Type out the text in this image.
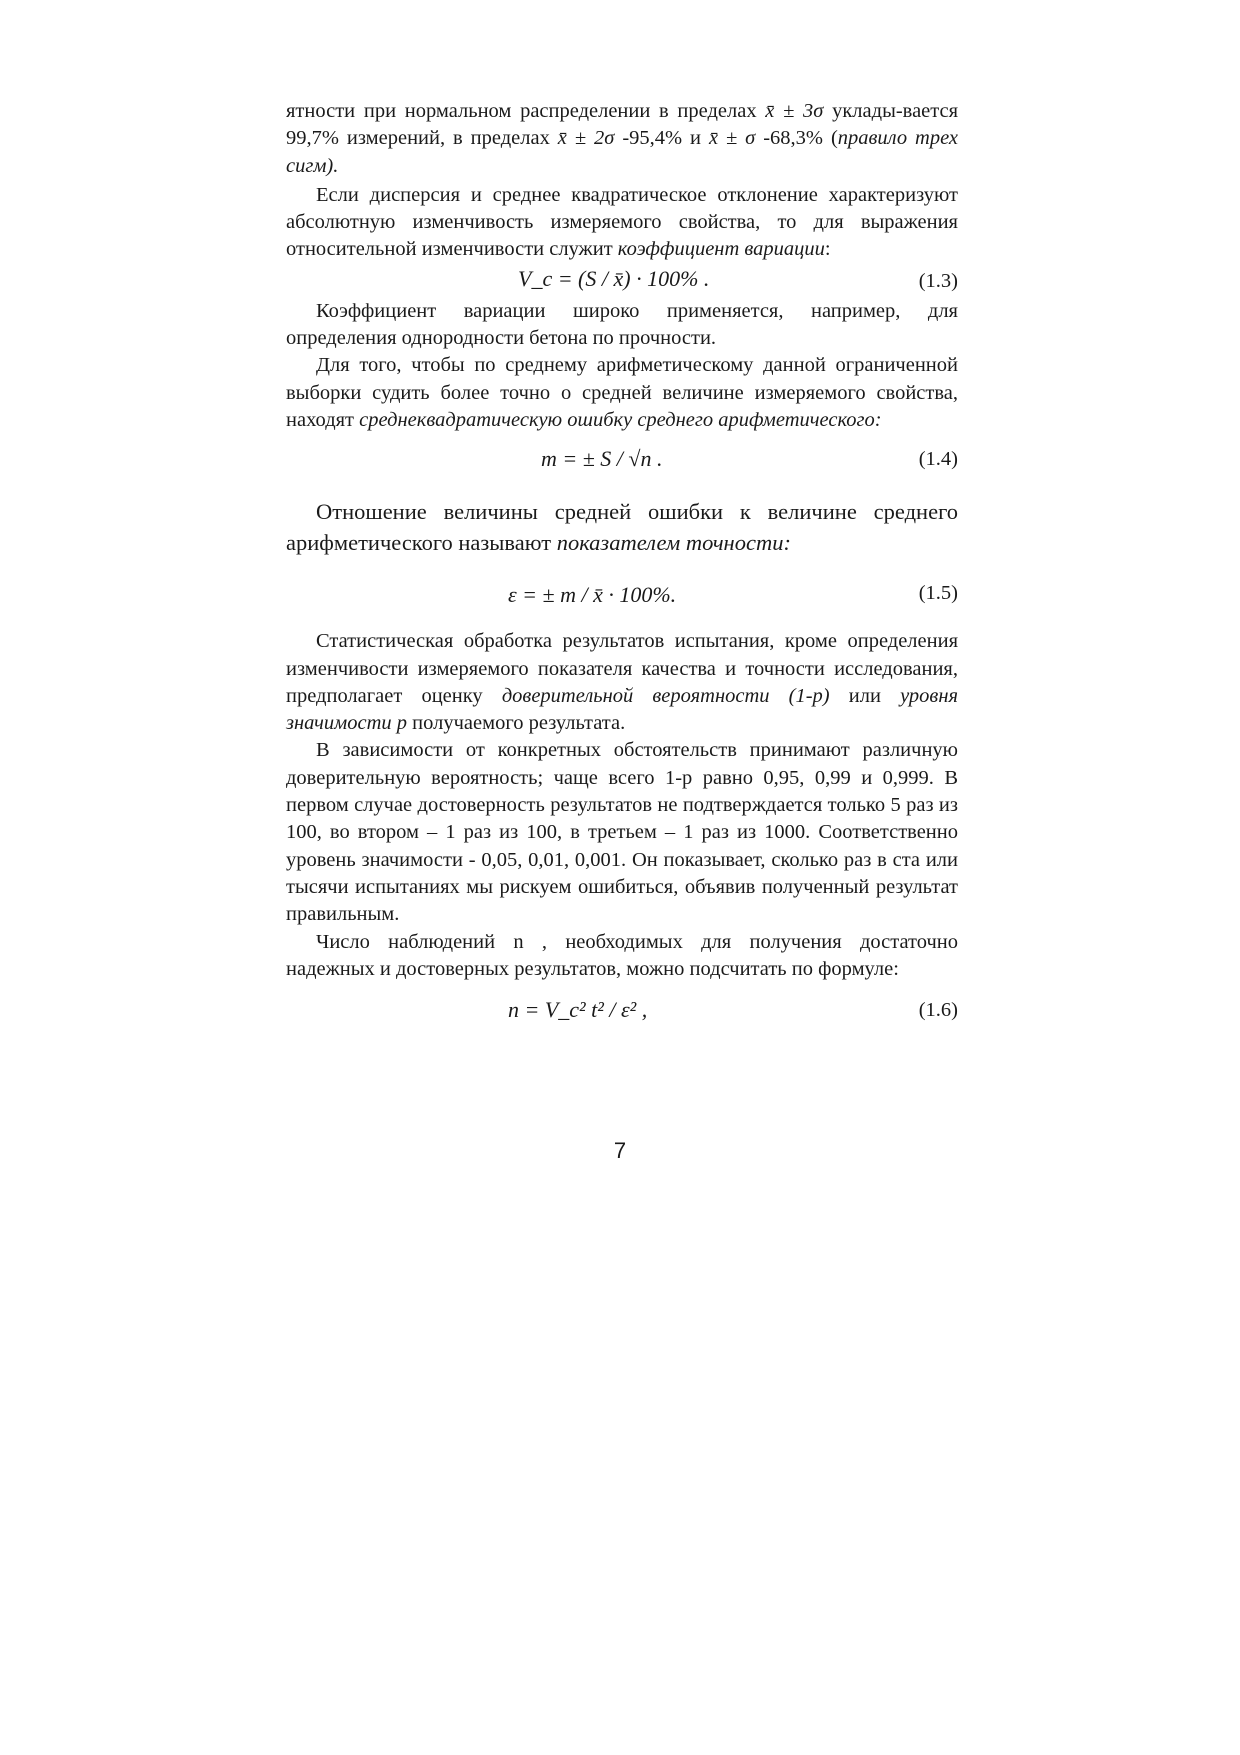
ятности при нормальном распределении в пределах x̄ ± 3σ уклады-вается 99,7% измерений, в пределах x̄ ± 2σ -95,4% и x̄ ± σ -68,3% (правило трех сигм).

Если дисперсия и среднее квадратическое отклонение характеризуют абсолютную изменчивость измеряемого свойства, то для выражения относительной изменчивости служит коэффициент вариации:

V_c = (S / x̄) · 100% .	(1.3)

Коэффициент вариации широко применяется, например, для определения однородности бетона по прочности.

Для того, чтобы по среднему арифметическому данной ограниченной выборки судить более точно о средней величине измеряемого свойства, находят среднеквадратическую ошибку среднего арифметического:

m = ± S / √n .	(1.4)

Отношение величины средней ошибки к величине среднего арифметического называют показателем точности:

ε = ± m / x̄ · 100%.	(1.5)

Статистическая обработка результатов испытания, кроме определения изменчивости измеряемого показателя качества и точности исследования, предполагает оценку доверительной вероятности (1-р) или уровня значимости р получаемого результата.

В зависимости от конкретных обстоятельств принимают различную доверительную вероятность; чаще всего 1-р равно 0,95, 0,99 и 0,999. В первом случае достоверность результатов не подтверждается только 5 раз из 100, во втором – 1 раз из 100, в третьем – 1 раз из 1000. Соответственно уровень значимости - 0,05, 0,01, 0,001. Он показывает, сколько раз в ста или тысячи испытаниях мы рискуем ошибиться, объявив полученный результат правильным.

Число наблюдений n , необходимых для получения достаточно надежных и достоверных результатов, можно подсчитать по формуле:

n = V_c² t² / ε² ,	(1.6)
7
